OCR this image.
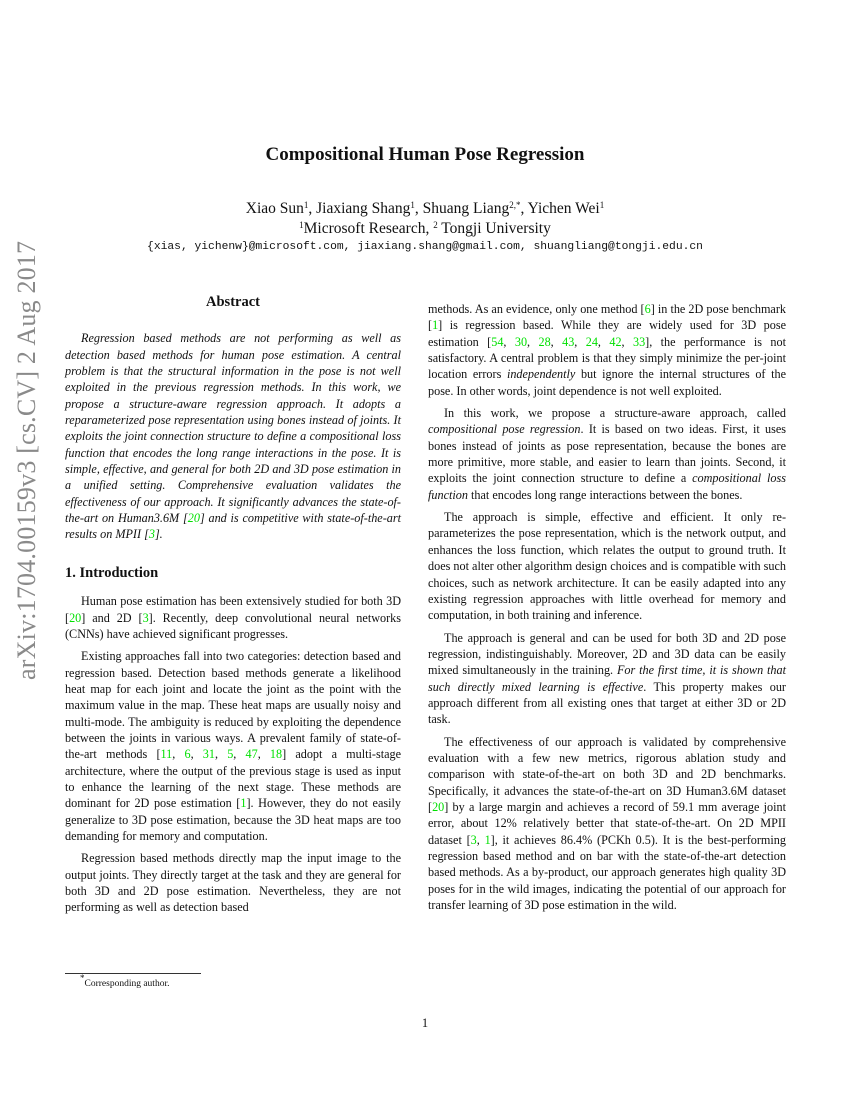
arXiv:1704.00159v3 [cs.CV] 2 Aug 2017
Compositional Human Pose Regression
Xiao Sun$^1$, Jiaxiang Shang$^1$, Shuang Liang$^{2,*}$, Yichen Wei$^1$
$^1$Microsoft Research, $^2$ Tongji University
{xias, yichenw}@microsoft.com, jiaxiang.shang@gmail.com, shuangliang@tongji.edu.cn
Abstract

Regression based methods are not performing as well as detection based methods for human pose estimation. A central problem is that the structural information in the pose is not well exploited in the previous regression methods. In this work, we propose a structure-aware regression approach. It adopts a reparameterized pose representation using bones instead of joints. It exploits the joint connection structure to define a compositional loss function that encodes the long range interactions in the pose. It is simple, effective, and general for both 2D and 3D pose estimation in a unified setting. Comprehensive evaluation validates the effectiveness of our approach. It significantly advances the state-of-the-art on Human3.6M [20] and is competitive with state-of-the-art results on MPII [3].

1. Introduction

Human pose estimation has been extensively studied for both 3D [20] and 2D [3]. Recently, deep convolutional neural networks (CNNs) have achieved significant progresses.

Existing approaches fall into two categories: detection based and regression based. Detection based methods generate a likelihood heat map for each joint and locate the joint as the point with the maximum value in the map. These heat maps are usually noisy and multi-mode. The ambiguity is reduced by exploiting the dependence between the joints in various ways. A prevalent family of state-of-the-art methods [11, 6, 31, 5, 47, 18] adopt a multi-stage architecture, where the output of the previous stage is used as input to enhance the learning of the next stage. These methods are dominant for 2D pose estimation [1]. However, they do not easily generalize to 3D pose estimation, because the 3D heat maps are too demanding for memory and computation.

Regression based methods directly map the input image to the output joints. They directly target at the task and they are general for both 3D and 2D pose estimation. Nevertheless, they are not performing as well as detection based

methods. As an evidence, only one method [6] in the 2D pose benchmark [1] is regression based. While they are widely used for 3D pose estimation [54, 30, 28, 43, 24, 42, 33], the performance is not satisfactory. A central problem is that they simply minimize the per-joint location errors independently but ignore the internal structures of the pose. In other words, joint dependence is not well exploited.

In this work, we propose a structure-aware approach, called compositional pose regression. It is based on two ideas. First, it uses bones instead of joints as pose representation, because the bones are more primitive, more stable, and easier to learn than joints. Second, it exploits the joint connection structure to define a compositional loss function that encodes long range interactions between the bones.

The approach is simple, effective and efficient. It only re-parameterizes the pose representation, which is the network output, and enhances the loss function, which relates the output to ground truth. It does not alter other algorithm design choices and is compatible with such choices, such as network architecture. It can be easily adapted into any existing regression approaches with little overhead for memory and computation, in both training and inference.

The approach is general and can be used for both 3D and 2D pose regression, indistinguishably. Moreover, 2D and 3D data can be easily mixed simultaneously in the training. For the first time, it is shown that such directly mixed learning is effective. This property makes our approach different from all existing ones that target at either 3D or 2D task.

The effectiveness of our approach is validated by comprehensive evaluation with a few new metrics, rigorous ablation study and comparison with state-of-the-art on both 3D and 2D benchmarks. Specifically, it advances the state-of-the-art on 3D Human3.6M dataset [20] by a large margin and achieves a record of 59.1 mm average joint error, about 12% relatively better that state-of-the-art. On 2D MPII dataset [3, 1], it achieves 86.4% (PCKh 0.5). It is the best-performing regression based method and on bar with the state-of-the-art detection based methods. As a by-product, our approach generates high quality 3D poses for in the wild images, indicating the potential of our approach for transfer learning of 3D pose estimation in the wild.

*Corresponding author.
1
